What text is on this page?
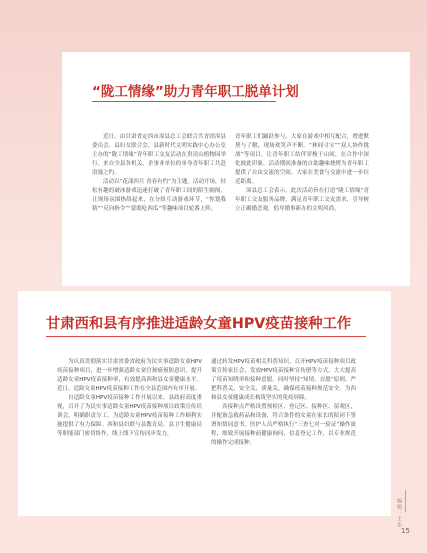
“陇工情缘”助力青年职工脱单计划

近日，由甘肃省定西市漳县总工会联合共青团漳县委员会、县妇女联合会、县新时代文明实践中心办公室主办的“陇工情缘”青年职工交友活动在贵清山植物园举行。来自全县各机关、企事业单位的单身青年职工共赴浪漫之约。

活动以“花漾四月 青春有约”为主题。活动开场，轻松有趣的破冰游戏迅速打破了青年职工间的陌生隔阂，让现场氛围热络起来，在分组互动游戏环节，“你划我猜”“反向指令”“蒙眼吃西瓜”等趣味项目轮番上阵，

青年职工们踊跃参与。大家在游戏中相互配合，增进默契与了解，现场欢笑声不断。“林间寻宝”“双人协作挑战”等项目，让青年职工结伴穿梭于山间，在合作中深化彼此印象。活动期间准备的自助趣味烧烤为青年职工提供了自由交流的空间，大家在美食与交流中进一步拉近距离。

漳县总工会表示，此次活动旨在打造“陇工情缘”青年职工交友服务品牌，满足青年职工交友需求，引导树立正确婚恋观，倡导婚事新办的文明风尚。

甘肃西和县有序推进适龄女童HPV疫苗接种工作

为认真贯彻落实甘肃省委省政府为民实事适龄女童HPV疫苗接种项目，进一步增强适龄女童宫颈癌预防意识，提升适龄女童HPV疫苗接种率，有效提高西和县女童健康水平。近日，适龄女童HPV疫苗接种工作在全县范围内有序开展。

自适龄女童HPV疫苗接种工作开展以来，县政府高度重视，召开了为民实事适龄女童HPV疫苗接种项目政策宣传培训会，明确职责分工，为适龄女童HPV疫苗接种工作顺利实施提供了有力保障。西和县妇联与县教育局、县卫生健康局等职能部门密切协作，线上线下宣传同步发力，

通过转发HPV疫苗相关科普知识，召开HPV疫苗接种项目政策宣传家长会，发放HPV疫苗接种宣传册等方式，大大提高了疫苗知晓率和接种意愿。同时坚持“知情、自愿”原则，严把科普关、安全关、质量关，确保疫苗接种规范安全。为西和县女童健康成长构筑坚实的免疫屏障。

各接种点严格设置预检区、登记区、接种区、留观区，并配备急救药品和设备，符合条件的女童在家长的陪同下签署知情同意书，医护人员严格执行“三查七对一验证”操作流程，细致开展接种前健康询问、信息登记工作，以专业规范的操作完成接种。

编辑：王乐
15
